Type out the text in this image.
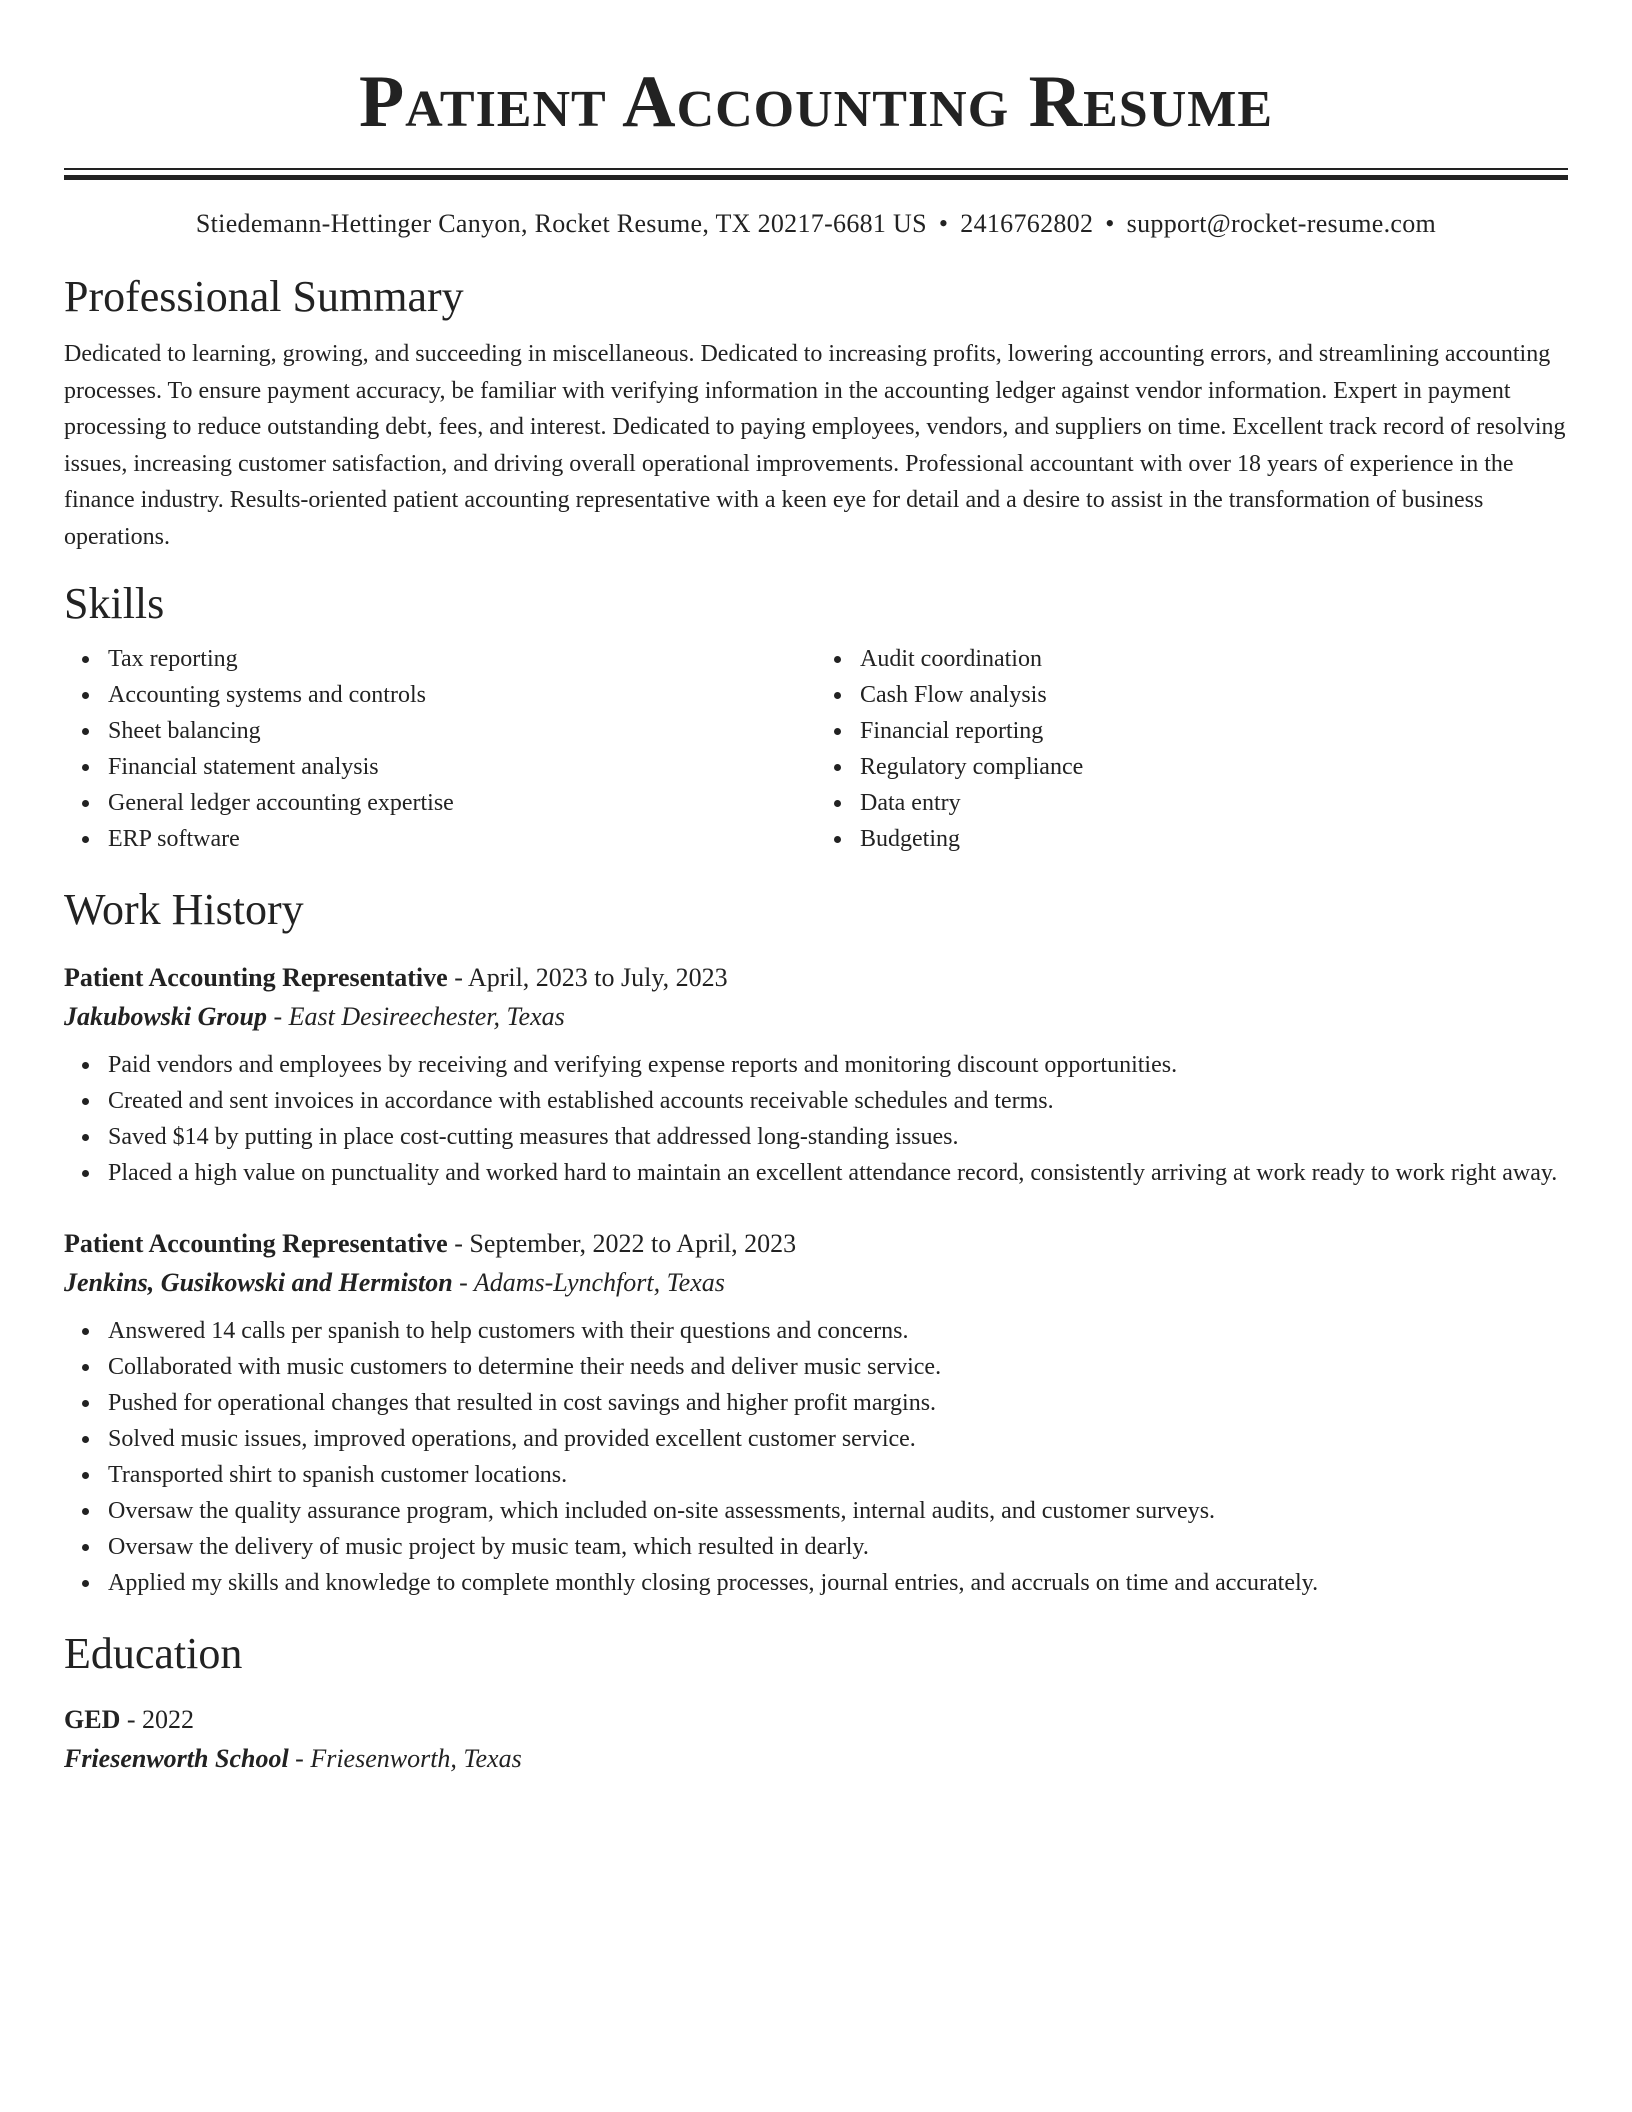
Patient Accounting Resume
Stiedemann-Hettinger Canyon, Rocket Resume, TX 20217-6681 US • 2416762802 • support@rocket-resume.com
Professional Summary

Dedicated to learning, growing, and succeeding in miscellaneous. Dedicated to increasing profits, lowering accounting errors, and streamlining accounting processes. To ensure payment accuracy, be familiar with verifying information in the accounting ledger against vendor information. Expert in payment processing to reduce outstanding debt, fees, and interest. Dedicated to paying employees, vendors, and suppliers on time. Excellent track record of resolving issues, increasing customer satisfaction, and driving overall operational improvements. Professional accountant with over 18 years of experience in the finance industry. Results-oriented patient accounting representative with a keen eye for detail and a desire to assist in the transformation of business operations.

Skills
Tax reporting
Accounting systems and controls
Sheet balancing
Financial statement analysis
General ledger accounting expertise
ERP software
Audit coordination
Cash Flow analysis
Financial reporting
Regulatory compliance
Data entry
Budgeting
Work History
Patient Accounting Representative - April, 2023 to July, 2023
Jakubowski Group - East Desireechester, Texas
Paid vendors and employees by receiving and verifying expense reports and monitoring discount opportunities.
Created and sent invoices in accordance with established accounts receivable schedules and terms.
Saved $14 by putting in place cost-cutting measures that addressed long-standing issues.
Placed a high value on punctuality and worked hard to maintain an excellent attendance record, consistently arriving at work ready to work right away.
Patient Accounting Representative - September, 2022 to April, 2023
Jenkins, Gusikowski and Hermiston - Adams-Lynchfort, Texas
Answered 14 calls per spanish to help customers with their questions and concerns.
Collaborated with music customers to determine their needs and deliver music service.
Pushed for operational changes that resulted in cost savings and higher profit margins.
Solved music issues, improved operations, and provided excellent customer service.
Transported shirt to spanish customer locations.
Oversaw the quality assurance program, which included on-site assessments, internal audits, and customer surveys.
Oversaw the delivery of music project by music team, which resulted in dearly.
Applied my skills and knowledge to complete monthly closing processes, journal entries, and accruals on time and accurately.
Education
GED - 2022
Friesenworth School - Friesenworth, Texas
